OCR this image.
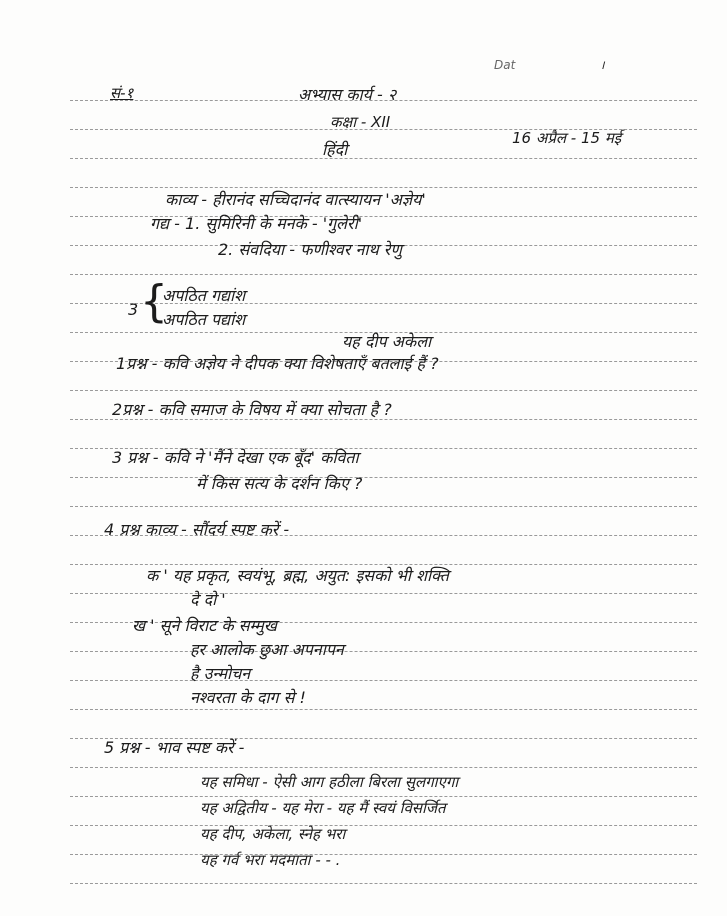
Dat	।
सं-१	अभ्यास कार्य - २
कक्षा - XII
हिंदी
16 अप्रैल - 15 मई
काव्य - हीरानंद सच्चिदानंद वात्स्यायन 'अज्ञेय'
गद्य - 1. सुमिरिनी के मनके - 'गुलेरी'
2. संवदिया - फणीश्वर नाथ रेणु
3 {
अपठित गद्यांश
अपठित पद्यांश
यह दीप अकेला
1प्रश्न - कवि अज्ञेय ने दीपक क्या विशेषताएँ बतलाई हैं ?
2प्रश्न - कवि समाज के विषय में क्या सोचता है ?
3 प्रश्न - कवि ने 'मैंने देखा एक बूँद' कविता
में किस सत्य के दर्शन किए ?
4 प्रश्न काव्य - सौंदर्य स्पष्ट करें -
क ' यह प्रकृत, स्वयंभू, ब्रह्म, अयुत: इसको भी शक्ति
दे दो '
ख ' सूने विराट के सम्मुख
हर आलोक छुआ अपनापन
है उन्मोचन
नश्वरता के दाग से !
5 प्रश्न - भाव स्पष्ट करें -
यह समिधा - ऐसी आग हठीला बिरला सुलगाएगा
यह अद्वितीय - यह मेरा - यह मैं स्वयं विसर्जित
यह दीप, अकेला, स्नेह भरा
यह गर्व भरा मदमाता - - .
